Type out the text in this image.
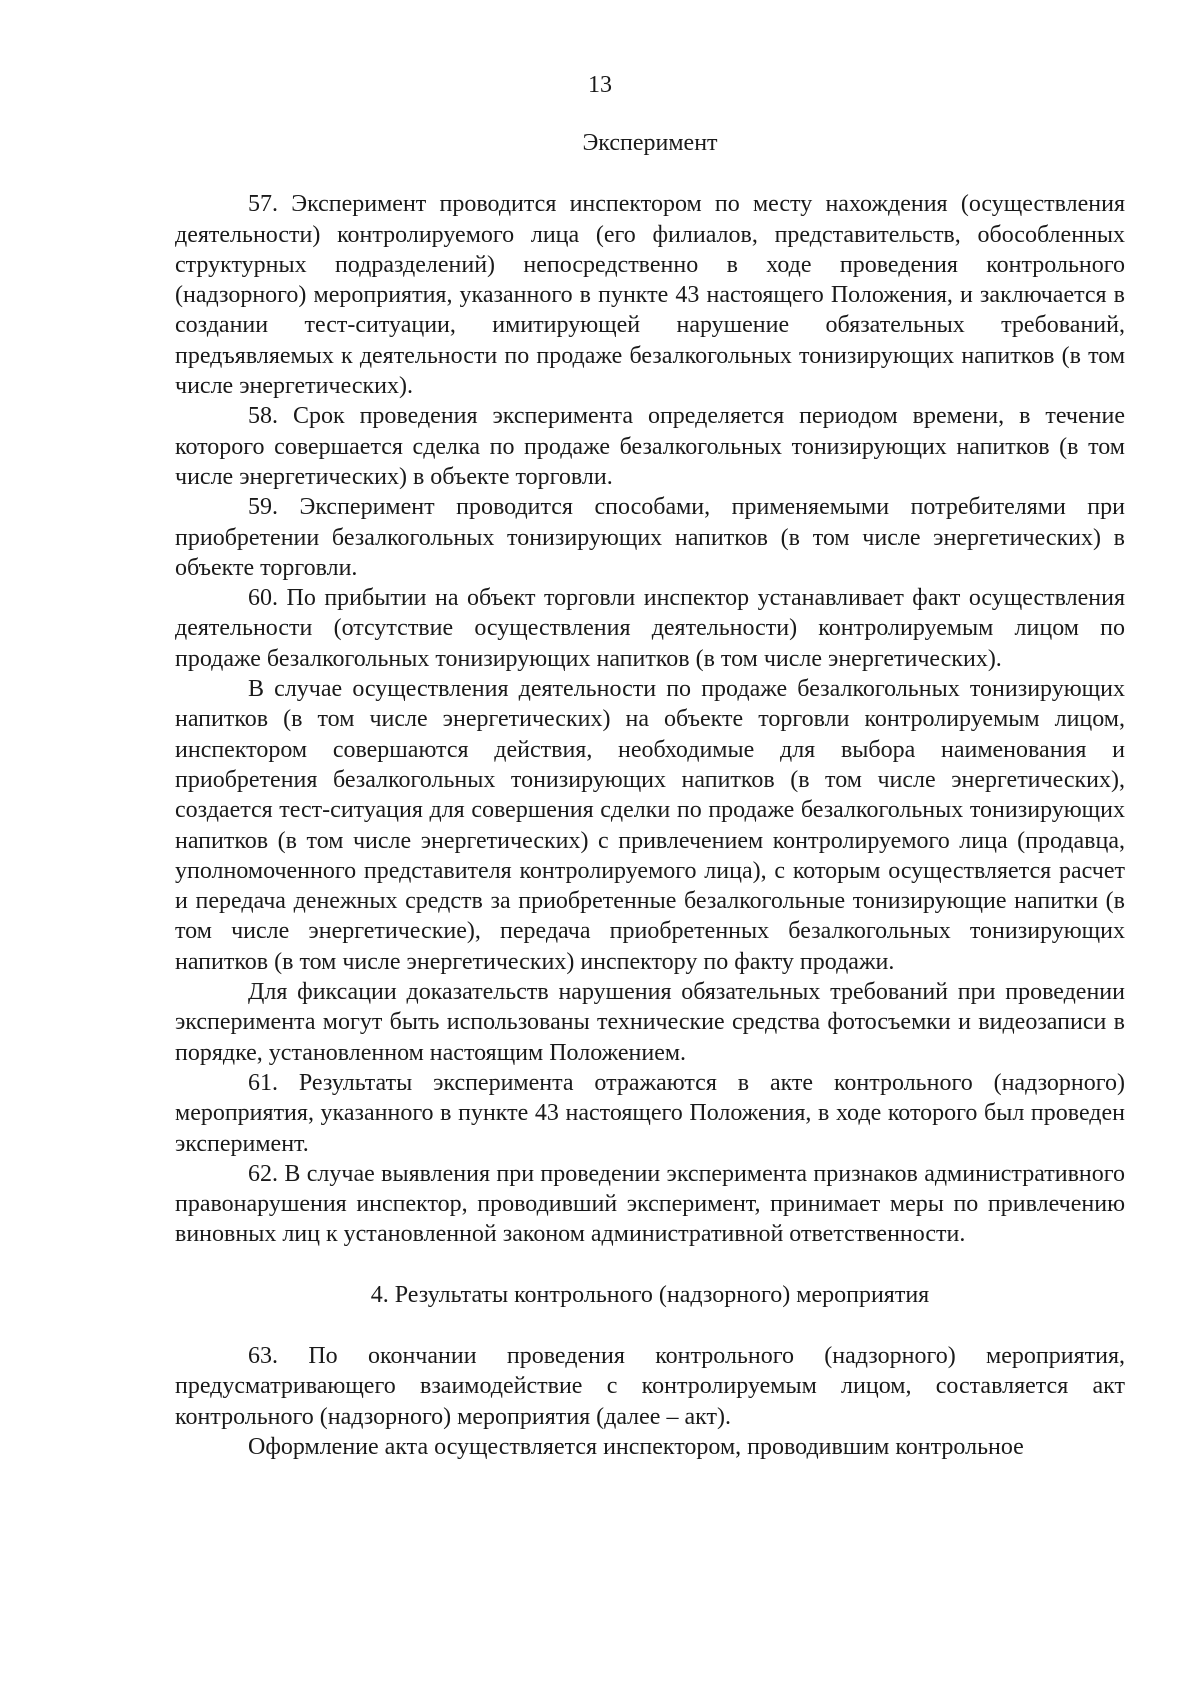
13

Эксперимент

57. Эксперимент проводится инспектором по месту нахождения (осуществления деятельности) контролируемого лица (его филиалов, представительств, обособленных структурных подразделений) непосредственно в ходе проведения контрольного (надзорного) мероприятия, указанного в пункте 43 настоящего Положения, и заключается в создании тест-ситуации, имитирующей нарушение обязательных требований, предъявляемых к деятельности по продаже безалкогольных тонизирующих напитков (в том числе энергетических).

58. Срок проведения эксперимента определяется периодом времени, в течение которого совершается сделка по продаже безалкогольных тонизирующих напитков (в том числе энергетических) в объекте торговли.

59. Эксперимент проводится способами, применяемыми потребителями при приобретении безалкогольных тонизирующих напитков (в том числе энергетических) в объекте торговли.

60. По прибытии на объект торговли инспектор устанавливает факт осуществления деятельности (отсутствие осуществления деятельности) контролируемым лицом по продаже безалкогольных тонизирующих напитков (в том числе энергетических).

В случае осуществления деятельности по продаже безалкогольных тонизирующих напитков (в том числе энергетических) на объекте торговли контролируемым лицом, инспектором совершаются действия, необходимые для выбора наименования и приобретения безалкогольных тонизирующих напитков (в том числе энергетических), создается тест-ситуация для совершения сделки по продаже безалкогольных тонизирующих напитков (в том числе энергетических) с привлечением контролируемого лица (продавца, уполномоченного представителя контролируемого лица), с которым осуществляется расчет и передача денежных средств за приобретенные безалкогольные тонизирующие напитки (в том числе энергетические), передача приобретенных безалкогольных тонизирующих напитков (в том числе энергетических) инспектору по факту продажи.

Для фиксации доказательств нарушения обязательных требований при проведении эксперимента могут быть использованы технические средства фотосъемки и видеозаписи в порядке, установленном настоящим Положением.

61. Результаты эксперимента отражаются в акте контрольного (надзорного) мероприятия, указанного в пункте 43 настоящего Положения, в ходе которого был проведен эксперимент.

62. В случае выявления при проведении эксперимента признаков административного правонарушения инспектор, проводивший эксперимент, принимает меры по привлечению виновных лиц к установленной законом административной ответственности.

4. Результаты контрольного (надзорного) мероприятия

63. По окончании проведения контрольного (надзорного) мероприятия, предусматривающего взаимодействие с контролируемым лицом, составляется акт контрольного (надзорного) мероприятия (далее – акт).

Оформление акта осуществляется инспектором, проводившим контрольное
